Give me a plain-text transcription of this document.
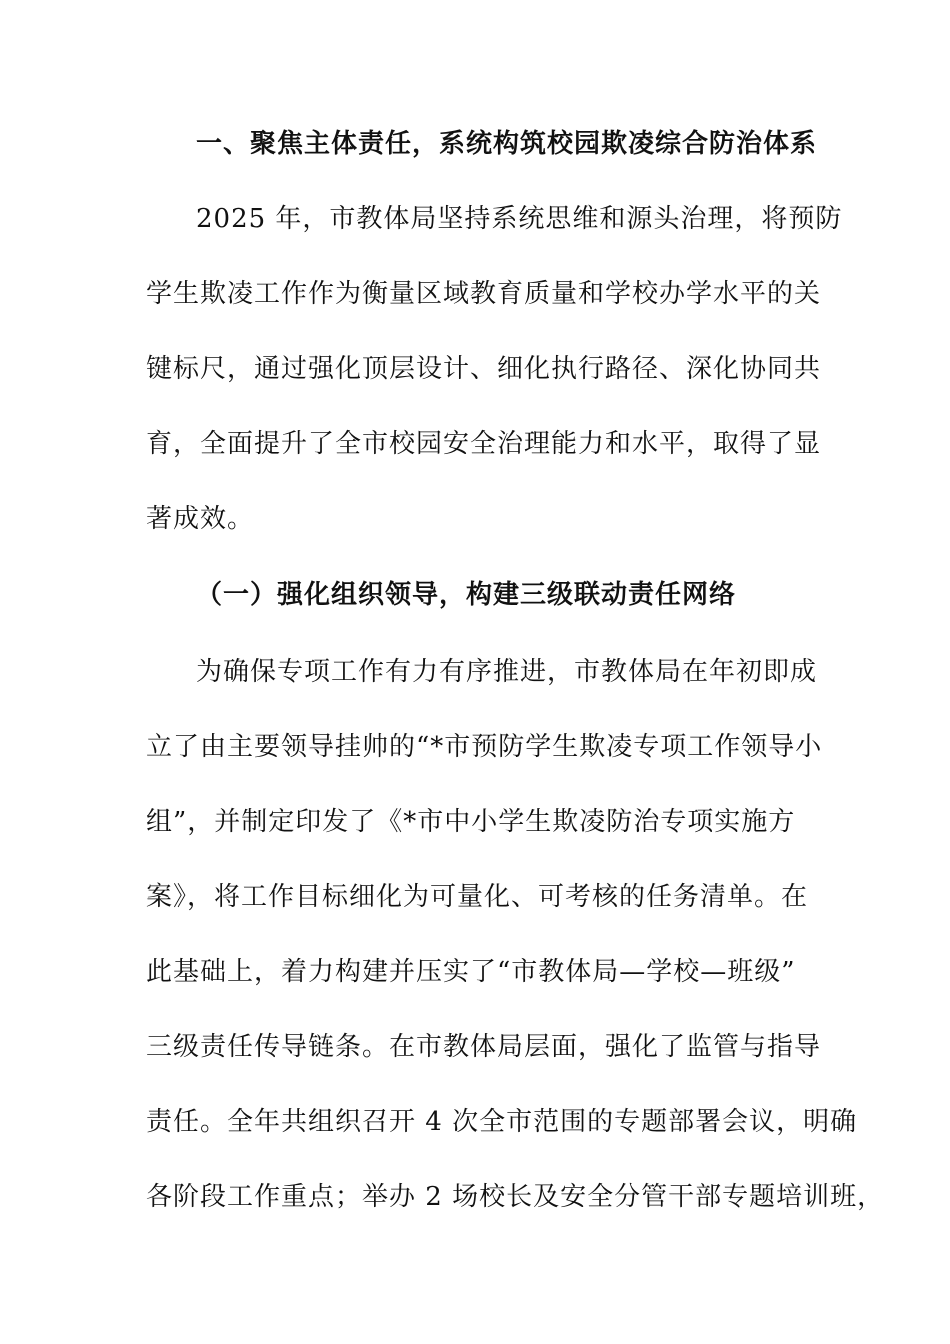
一、聚焦主体责任，系统构筑校园欺凌综合防治体系
2025 年，市教体局坚持系统思维和源头治理，将预防
学生欺凌工作作为衡量区域教育质量和学校办学水平的关
键标尺，通过强化顶层设计、细化执行路径、深化协同共
育，全面提升了全市校园安全治理能力和水平，取得了显
著成效。
（一）强化组织领导，构建三级联动责任网络
为确保专项工作有力有序推进，市教体局在年初即成
立了由主要领导挂帅的“*市预防学生欺凌专项工作领导小
组”，并制定印发了《*市中小学生欺凌防治专项实施方
案》，将工作目标细化为可量化、可考核的任务清单。在
此基础上，着力构建并压实了“市教体局—学校—班级”
三级责任传导链条。在市教体局层面，强化了监管与指导
责任。全年共组织召开 4 次全市范围的专题部署会议，明确
各阶段工作重点；举办 2 场校长及安全分管干部专题培训班，
